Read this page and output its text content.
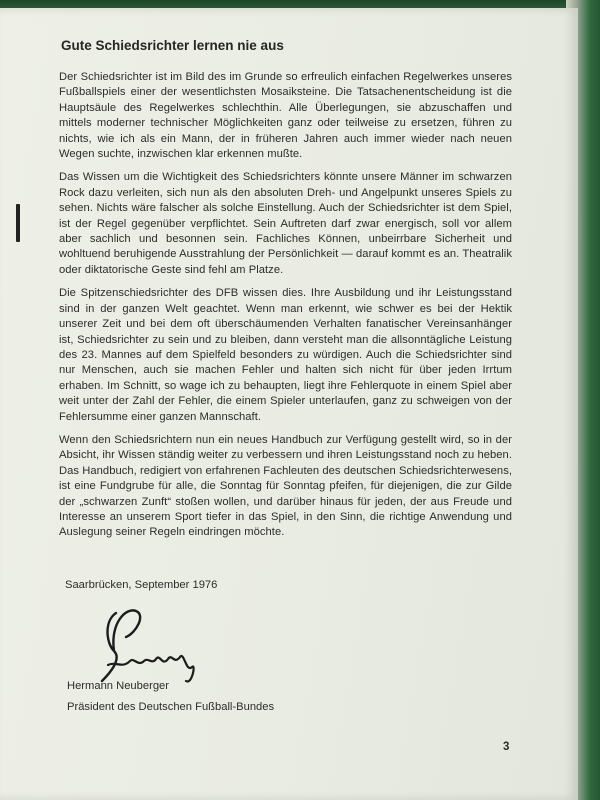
Gute Schiedsrichter lernen nie aus

Der Schiedsrichter ist im Bild des im Grunde so erfreulich einfachen Regelwerkes unseres Fußballspiels einer der wesentlichsten Mosaiksteine. Die Tatsachenentscheidung ist die Hauptsäule des Regelwerkes schlechthin. Alle Überlegungen, sie abzuschaffen und mittels moderner technischer Möglichkeiten ganz oder teilweise zu ersetzen, führen zu nichts, wie ich als ein Mann, der in früheren Jahren auch immer wieder nach neuen Wegen suchte, inzwischen klar erkennen mußte.

Das Wissen um die Wichtigkeit des Schiedsrichters könnte unsere Männer im schwarzen Rock dazu verleiten, sich nun als den absoluten Dreh- und Angelpunkt unseres Spiels zu sehen. Nichts wäre falscher als solche Einstellung. Auch der Schiedsrichter ist dem Spiel, ist der Regel gegenüber verpflichtet. Sein Auftreten darf zwar energisch, soll vor allem aber sachlich und besonnen sein. Fachliches Können, unbeirrbare Sicherheit und wohltuend beruhigende Ausstrahlung der Persönlichkeit — darauf kommt es an. Theatralik oder diktatorische Geste sind fehl am Platze.

Die Spitzenschiedsrichter des DFB wissen dies. Ihre Ausbildung und ihr Leistungsstand sind in der ganzen Welt geachtet. Wenn man erkennt, wie schwer es bei der Hektik unserer Zeit und bei dem oft überschäumenden Verhalten fanatischer Vereinsanhänger ist, Schiedsrichter zu sein und zu bleiben, dann versteht man die allsonntägliche Leistung des 23. Mannes auf dem Spielfeld besonders zu würdigen. Auch die Schiedsrichter sind nur Menschen, auch sie machen Fehler und halten sich nicht für über jeden Irrtum erhaben. Im Schnitt, so wage ich zu behaupten, liegt ihre Fehlerquote in einem Spiel aber weit unter der Zahl der Fehler, die einem Spieler unterlaufen, ganz zu schweigen von der Fehlersumme einer ganzen Mannschaft.

Wenn den Schiedsrichtern nun ein neues Handbuch zur Verfügung gestellt wird, so in der Absicht, ihr Wissen ständig weiter zu verbessern und ihren Leistungsstand noch zu heben. Das Handbuch, redigiert von erfahrenen Fachleuten des deutschen Schiedsrichterwesens, ist eine Fundgrube für alle, die Sonntag für Sonntag pfeifen, für diejenigen, die zur Gilde der „schwarzen Zunft“ stoßen wollen, und darüber hinaus für jeden, der aus Freude und Interesse an unserem Sport tiefer in das Spiel, in den Sinn, die richtige Anwendung und Auslegung seiner Regeln eindringen möchte.

Saarbrücken, September 1976
Hermann Neuberger
Präsident des Deutschen Fußball-Bundes
3
